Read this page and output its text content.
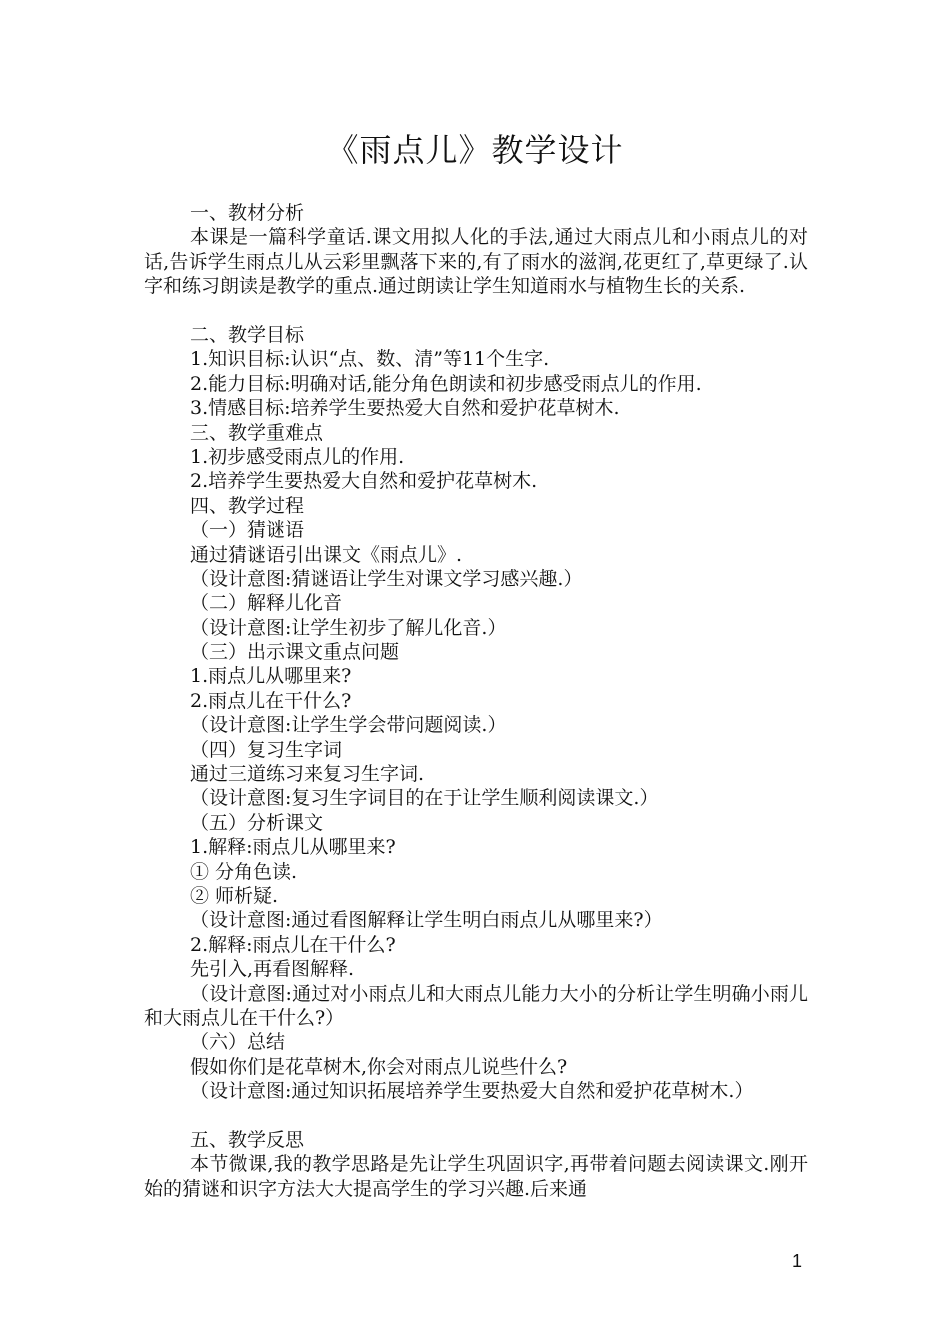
《雨点儿》教学设计
一、教材分析
本课是一篇科学童话.课文用拟人化的手法,通过大雨点儿和小雨点儿的对话,告诉学生雨点儿从云彩里飘落下来的,有了雨水的滋润,花更红了,草更绿了.认字和练习朗读是教学的重点.通过朗读让学生知道雨水与植物生长的关系.
二、教学目标
1.知识目标:认识“点、数、清”等11个生字.
2.能力目标:明确对话,能分角色朗读和初步感受雨点儿的作用.
3.情感目标:培养学生要热爱大自然和爱护花草树木.
三、教学重难点
1.初步感受雨点儿的作用.
2.培养学生要热爱大自然和爱护花草树木.
四、教学过程
（一）猜谜语
通过猜谜语引出课文《雨点儿》.
（设计意图:猜谜语让学生对课文学习感兴趣.）
（二）解释儿化音
（设计意图:让学生初步了解儿化音.）
（三）出示课文重点问题
1.雨点儿从哪里来?
2.雨点儿在干什么?
（设计意图:让学生学会带问题阅读.）
（四）复习生字词
通过三道练习来复习生字词.
（设计意图:复习生字词目的在于让学生顺利阅读课文.）
（五）分析课文
1.解释:雨点儿从哪里来?
① 分角色读.
② 师析疑.
（设计意图:通过看图解释让学生明白雨点儿从哪里来?）
2.解释:雨点儿在干什么?
先引入,再看图解释.
（设计意图:通过对小雨点儿和大雨点儿能力大小的分析让学生明确小雨儿和大雨点儿在干什么?）
（六）总结
假如你们是花草树木,你会对雨点儿说些什么?
（设计意图:通过知识拓展培养学生要热爱大自然和爱护花草树木.）
五、教学反思
本节微课,我的教学思路是先让学生巩固识字,再带着问题去阅读课文.刚开始的猜谜和识字方法大大提高学生的学习兴趣.后来通
1
